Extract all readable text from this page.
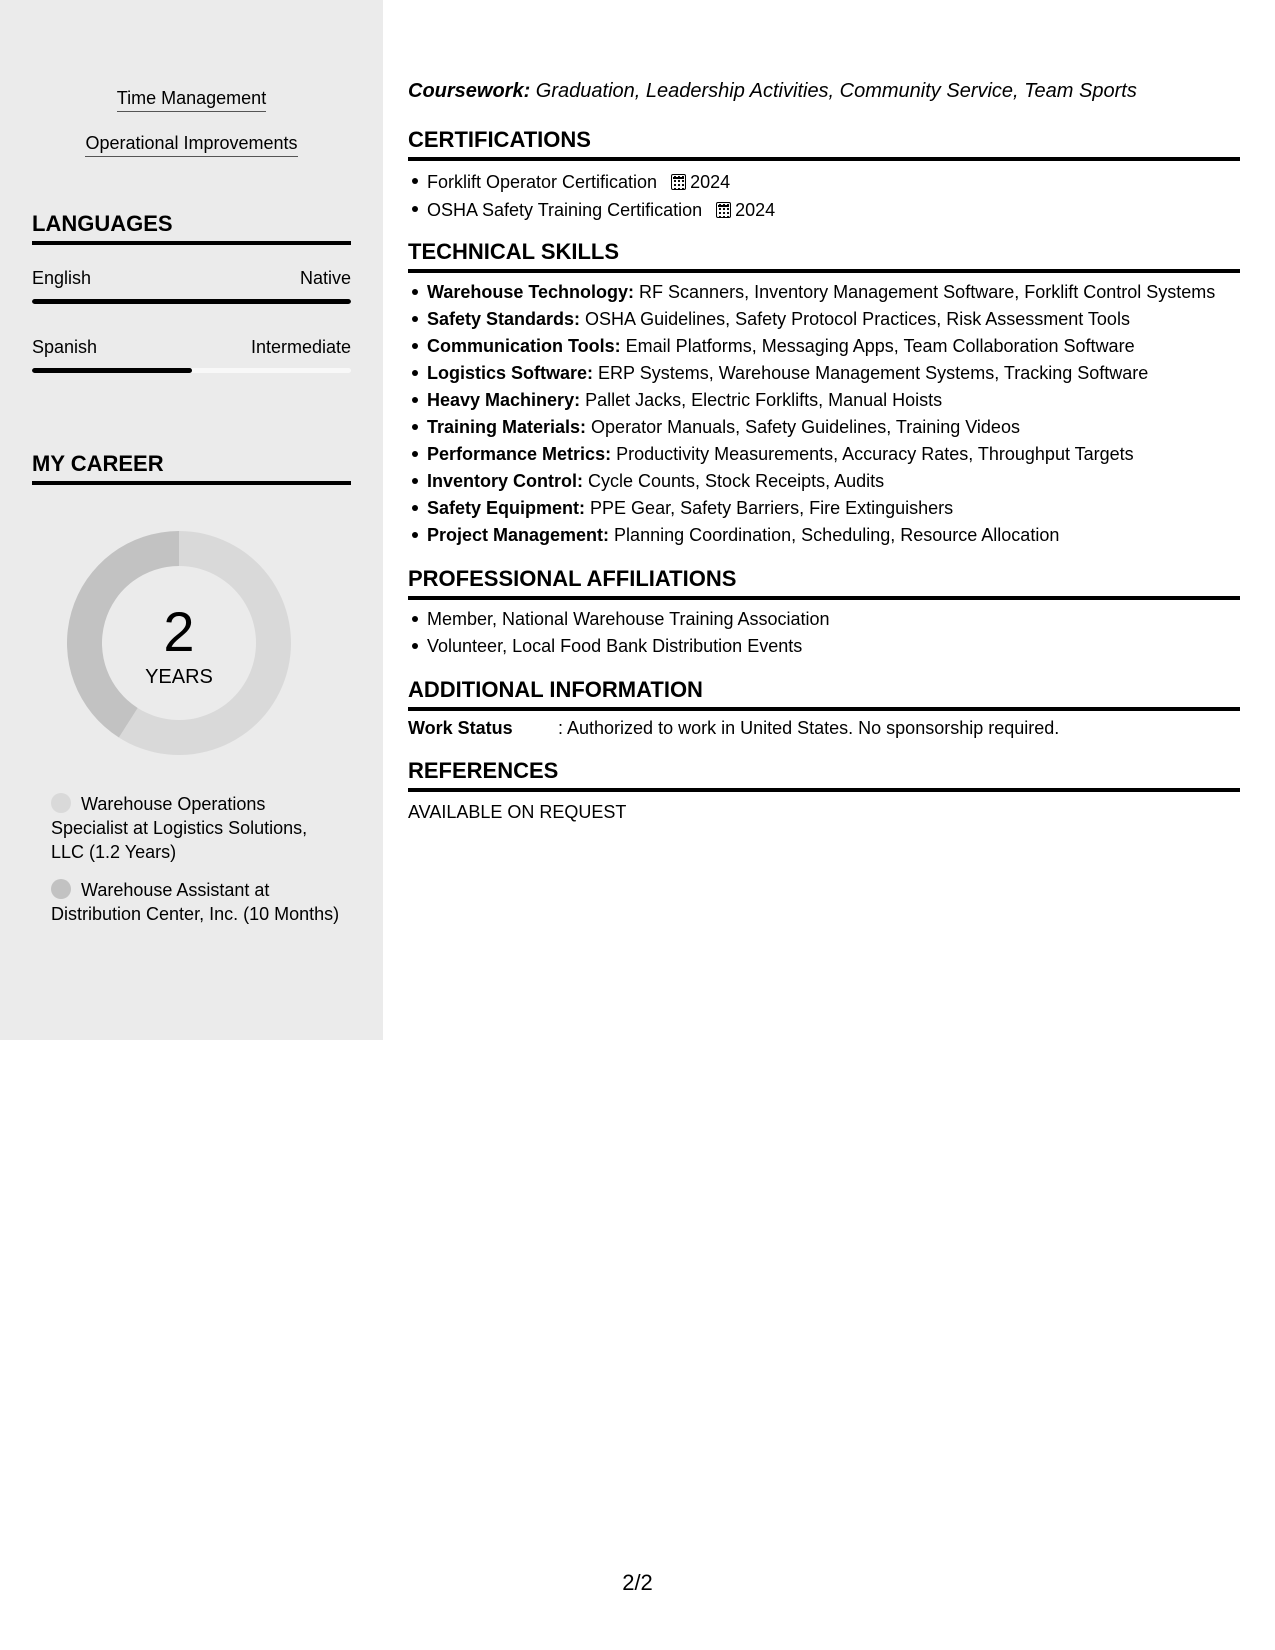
Time Management
Operational Improvements
LANGUAGES
English	Native
Spanish	Intermediate
MY CAREER
2
YEARS
Warehouse Operations Specialist at Logistics Solutions, LLC (1.2 Years)
Warehouse Assistant at Distribution Center, Inc. (10 Months)
Coursework: Graduation, Leadership Activities, Community Service, Team Sports
CERTIFICATIONS
Forklift Operator Certification 2024
OSHA Safety Training Certification 2024
TECHNICAL SKILLS
Warehouse Technology: RF Scanners, Inventory Management Software, Forklift Control Systems
Safety Standards: OSHA Guidelines, Safety Protocol Practices, Risk Assessment Tools
Communication Tools: Email Platforms, Messaging Apps, Team Collaboration Software
Logistics Software: ERP Systems, Warehouse Management Systems, Tracking Software
Heavy Machinery: Pallet Jacks, Electric Forklifts, Manual Hoists
Training Materials: Operator Manuals, Safety Guidelines, Training Videos
Performance Metrics: Productivity Measurements, Accuracy Rates, Throughput Targets
Inventory Control: Cycle Counts, Stock Receipts, Audits
Safety Equipment: PPE Gear, Safety Barriers, Fire Extinguishers
Project Management: Planning Coordination, Scheduling, Resource Allocation
PROFESSIONAL AFFILIATIONS
Member, National Warehouse Training Association
Volunteer, Local Food Bank Distribution Events
ADDITIONAL INFORMATION
Work Status	: Authorized to work in United States. No sponsorship required.
REFERENCES
AVAILABLE ON REQUEST
2/2
